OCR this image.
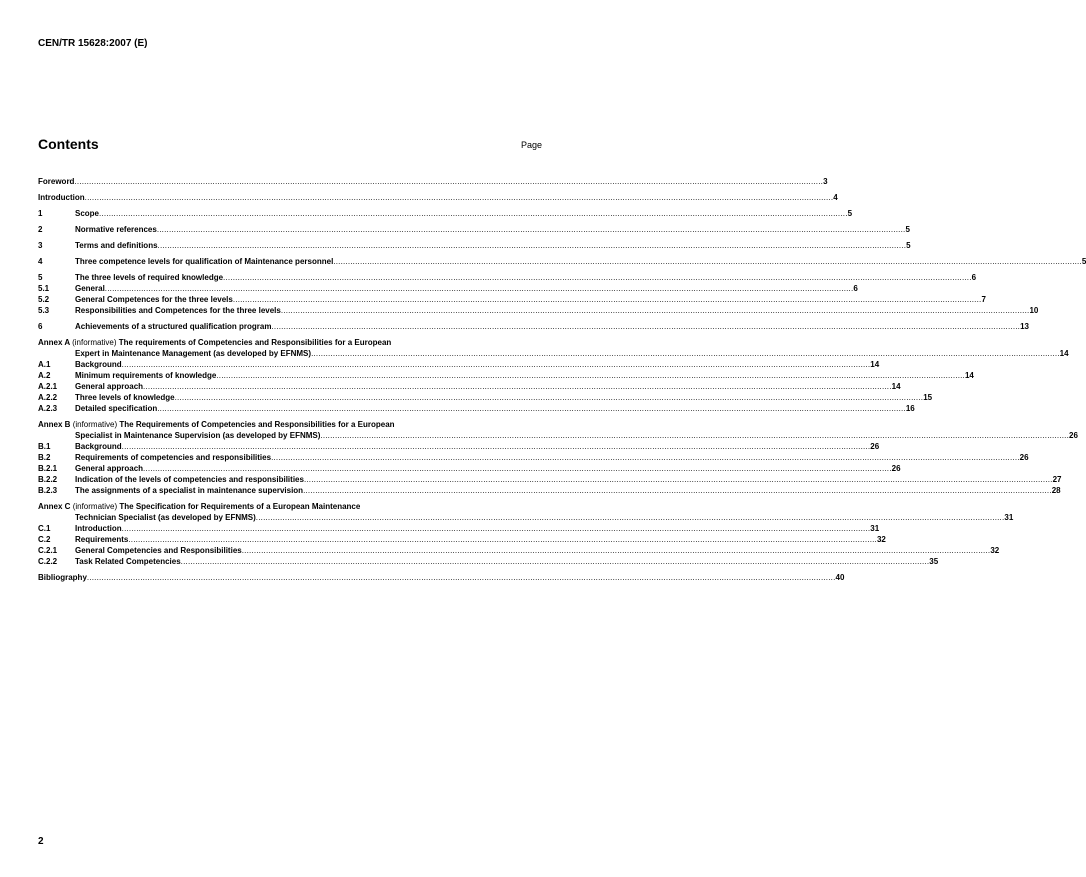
CEN/TR 15628:2007 (E)
Contents	Page
Foreword .....	3
Introduction .....	4
1	Scope .....	5
2	Normative references .....	5
3	Terms and definitions .....	5
4	Three competence levels for qualification of Maintenance personnel .....	5
5	The three levels of required knowledge .....	6
5.1	General .....	6
5.2	General Competences for the three levels .....	7
5.3	Responsibilities and Competences for the three levels .....	10
6	Achievements of a structured qualification program .....	13
Annex A (informative) The requirements of Competencies and Responsibilities for a European
Expert in Maintenance Management (as developed by EFNMS) .....	14
A.1	Background .....	14
A.2	Minimum requirements of knowledge .....	14
A.2.1	General approach .....	14
A.2.2	Three levels of knowledge .....	15
A.2.3	Detailed specification .....	16
Annex B (informative) The Requirements of Competencies and Responsibilities for a European
Specialist in Maintenance Supervision (as developed by EFNMS) .....	26
B.1	Background .....	26
B.2	Requirements of competencies and responsibilities .....	26
B.2.1	General approach .....	26
B.2.2	Indication of the levels of competencies and responsibilities .....	27
B.2.3	The assignments of a specialist in maintenance supervision .....	28
Annex C (informative) The Specification for Requirements of a European Maintenance
Technician Specialist (as developed by EFNMS) .....	31
C.1	Introduction .....	31
C.2	Requirements .....	32
C.2.1	General Competencies and Responsibilities .....	32
C.2.2	Task Related Competencies .....	35
Bibliography .....	40
2
